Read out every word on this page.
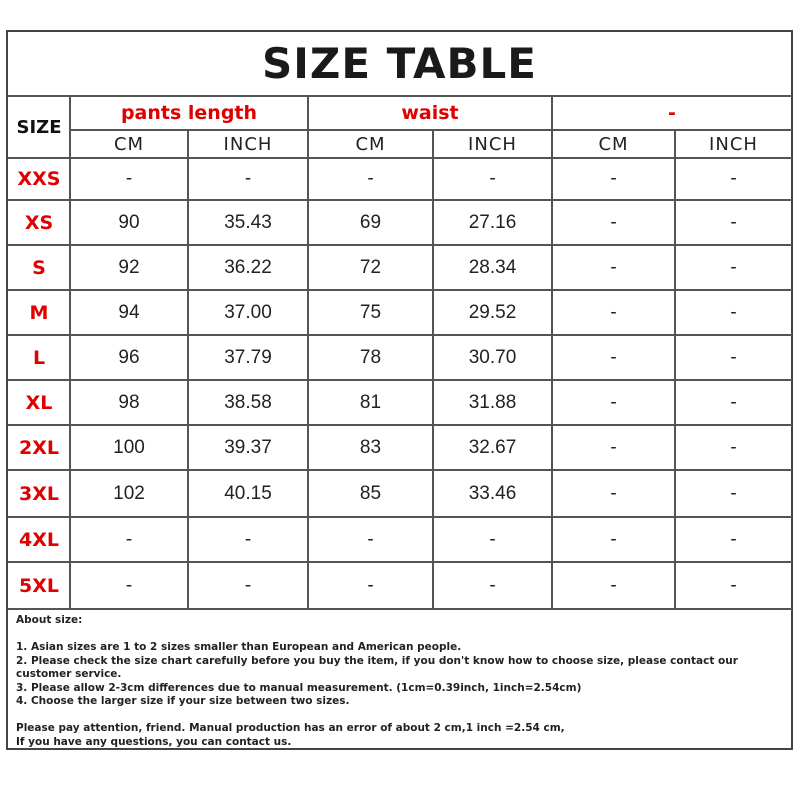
SIZE TABLE
SIZE
pants length	waist	-
CM	INCH	CM	INCH	CM	INCH
XXS	-	-	-	-	-	-
XS	90	35.43	69	27.16	-	-
S	92	36.22	72	28.34	-	-
M	94	37.00	75	29.52	-	-
L	96	37.79	78	30.70	-	-
XL	98	38.58	81	31.88	-	-
2XL	100	39.37	83	32.67	-	-
3XL	102	40.15	85	33.46	-	-
4XL	-	-	-	-	-	-
5XL	-	-	-	-	-	-
About size:
1. Asian sizes are 1 to 2 sizes smaller than European and American people.
2. Please check the size chart carefully before you buy the item, if you don't know how to choose size, please contact our customer service.
3. Please allow 2-3cm differences due to manual measurement. (1cm=0.39inch, 1inch=2.54cm)
4. Choose the larger size if your size between two sizes.
Please pay attention, friend. Manual production has an error of about 2 cm,1 inch =2.54 cm,
If you have any questions, you can contact us.
